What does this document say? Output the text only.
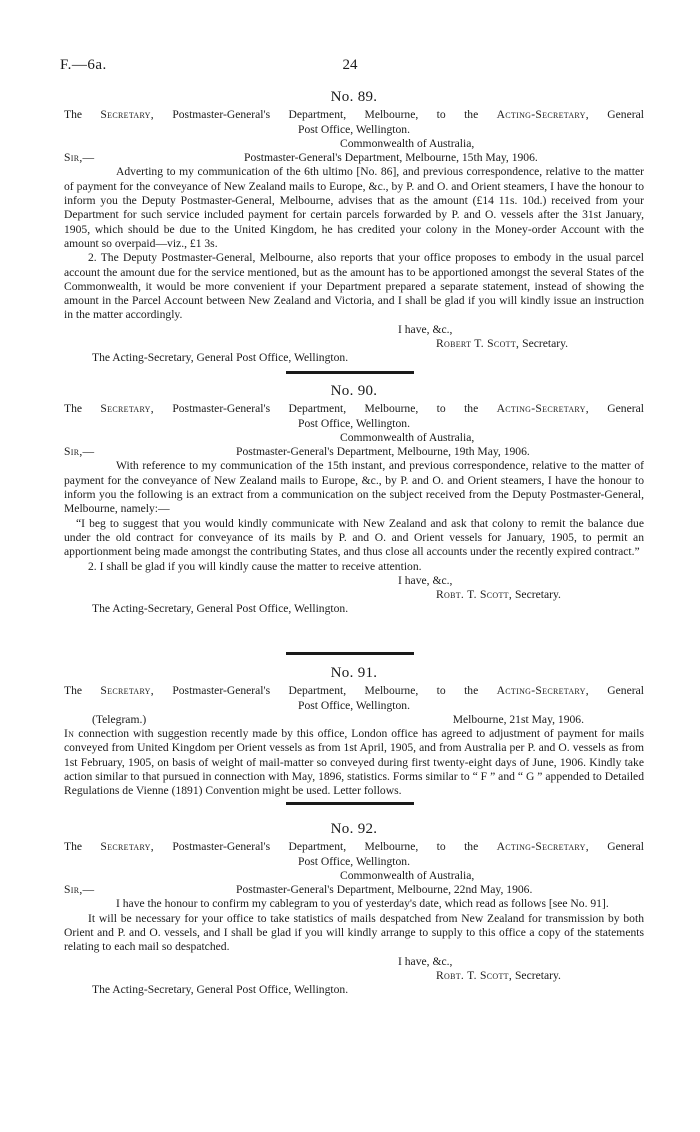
F.—6a.	24
No. 89.
The Secretary, Postmaster-General's Department, Melbourne, to the Acting-Secretary, General
Post Office, Wellington.
Commonwealth of Australia,
Sir,—	Postmaster-General's Department, Melbourne, 15th May, 1906.

Adverting to my communication of the 6th ultimo [No. 86], and previous correspondence, relative to the matter of payment for the conveyance of New Zealand mails to Europe, &c., by P. and O. and Orient steamers, I have the honour to inform you the Deputy Postmaster-General, Melbourne, advises that as the amount (£14 11s. 10d.) received from your Department for such service included payment for certain parcels forwarded by P. and O. vessels after the 31st January, 1905, which should be due to the United Kingdom, he has credited your colony in the Money-order Account with the amount so overpaid—viz., £1 3s.

2. The Deputy Postmaster-General, Melbourne, also reports that your office proposes to embody in the usual parcel account the amount due for the service mentioned, but as the amount has to be apportioned amongst the several States of the Commonwealth, it would be more convenient if your Department prepared a separate statement, instead of showing the amount in the Parcel Account between New Zealand and Victoria, and I shall be glad if you will kindly issue an instruction in the matter accordingly.

I have, &c.,
Robert T. Scott, Secretary.
The Acting-Secretary, General Post Office, Wellington.
No. 90.
The Secretary, Postmaster-General's Department, Melbourne, to the Acting-Secretary, General
Post Office, Wellington.
Commonwealth of Australia,
Sir,—	Postmaster-General's Department, Melbourne, 19th May, 1906.

With reference to my communication of the 15th instant, and previous correspondence, relative to the matter of payment for the conveyance of New Zealand mails to Europe, &c., by P. and O. and Orient steamers, I have the honour to inform you the following is an extract from a communication on the subject received from the Deputy Postmaster-General, Melbourne, namely:—

“I beg to suggest that you would kindly communicate with New Zealand and ask that colony to remit the balance due under the old contract for conveyance of its mails by P. and O. and Orient vessels for January, 1905, to permit an apportionment being made amongst the contributing States, and thus close all accounts under the recently expired contract.”

2. I shall be glad if you will kindly cause the matter to receive attention.

I have, &c.,
Robt. T. Scott, Secretary.
The Acting-Secretary, General Post Office, Wellington.
No. 91.
The Secretary, Postmaster-General's Department, Melbourne, to the Acting-Secretary, General
Post Office, Wellington.
(Telegram.)	Melbourne, 21st May, 1906.

In connection with suggestion recently made by this office, London office has agreed to adjustment of payment for mails conveyed from United Kingdom per Orient vessels as from 1st April, 1905, and from Australia per P. and O. vessels as from 1st February, 1905, on basis of weight of mail-matter so conveyed during first twenty-eight days of June, 1906. Kindly take action similar to that pursued in connection with May, 1896, statistics. Forms similar to “ F ” and “ G ” appended to Detailed Regulations de Vienne (1891) Convention might be used. Letter follows.

No. 92.
The Secretary, Postmaster-General's Department, Melbourne, to the Acting-Secretary, General
Post Office, Wellington.
Commonwealth of Australia,
Sir,—	Postmaster-General's Department, Melbourne, 22nd May, 1906.

I have the honour to confirm my cablegram to you of yesterday's date, which read as follows [see No. 91].

It will be necessary for your office to take statistics of mails despatched from New Zealand for transmission by both Orient and P. and O. vessels, and I shall be glad if you will kindly arrange to supply to this office a copy of the statements relating to each mail so despatched.

I have, &c.,
Robt. T. Scott, Secretary.
The Acting-Secretary, General Post Office, Wellington.
